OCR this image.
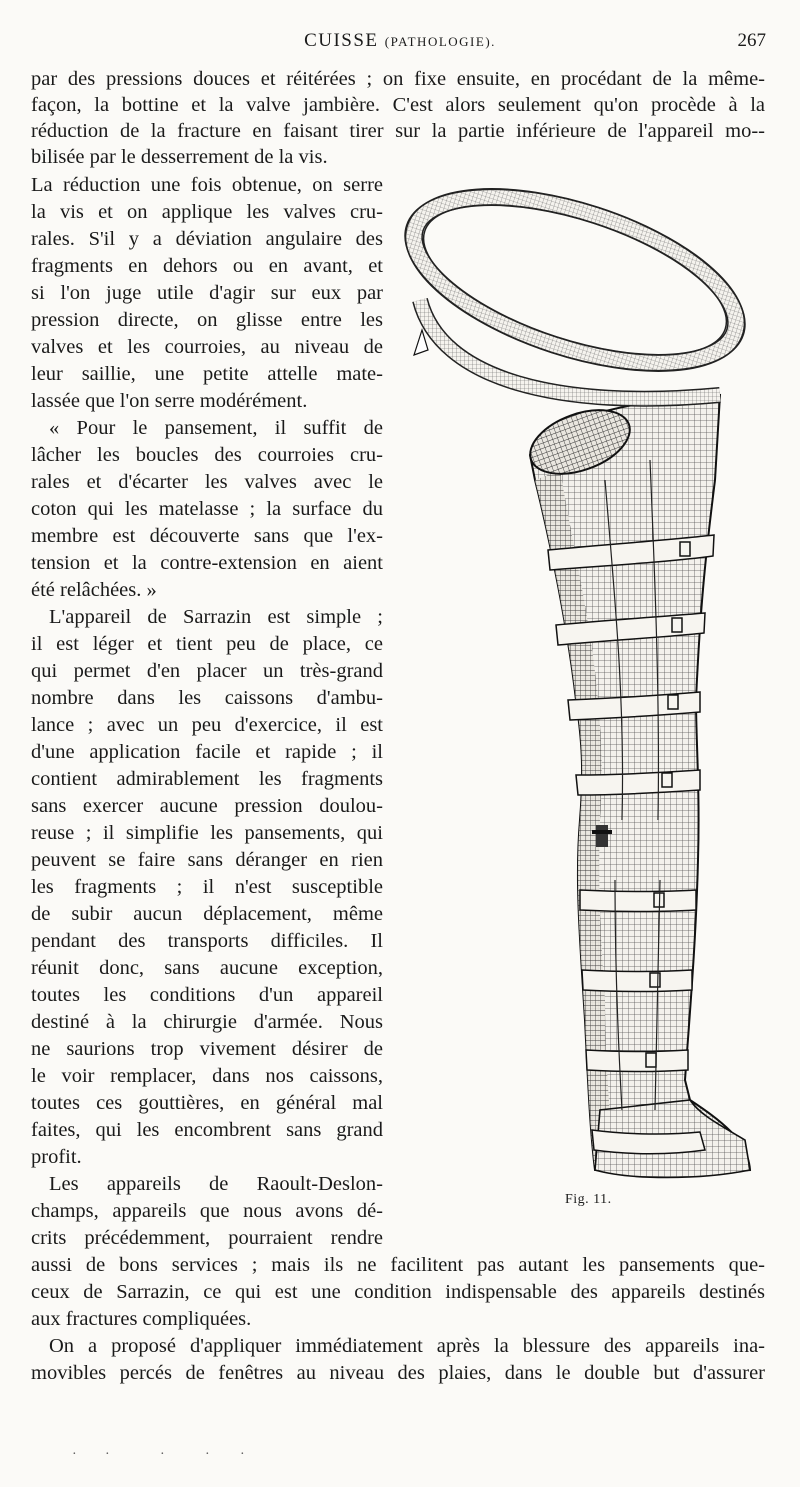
CUISSE (PATHOLOGIE).	267
par des pressions douces et réitérées ; on fixe ensuite, en procédant de la même-
façon, la bottine et la valve jambière. C'est alors seulement qu'on procède à la
réduction de la fracture en faisant tirer sur la partie inférieure de l'appareil mo--
bilisée par le desserrement de la vis.
La réduction une fois obtenue, on serre
la vis et on applique les valves cru-
rales. S'il y a déviation angulaire des
fragments en dehors ou en avant, et
si l'on juge utile d'agir sur eux par
pression directe, on glisse entre les
valves et les courroies, au niveau de
leur saillie, une petite attelle mate-
lassée que l'on serre modérément.
« Pour le pansement, il suffit de
lâcher les boucles des courroies cru-
rales et d'écarter les valves avec le
coton qui les matelasse ; la surface du
membre est découverte sans que l'ex-
tension et la contre-extension en aient
été relâchées. »
L'appareil de Sarrazin est simple ;
il est léger et tient peu de place, ce
qui permet d'en placer un très-grand
nombre dans les caissons d'ambu-
lance ; avec un peu d'exercice, il est
d'une application facile et rapide ; il
contient admirablement les fragments
sans exercer aucune pression doulou-
reuse ; il simplifie les pansements, qui
peuvent se faire sans déranger en rien
les fragments ; il n'est susceptible
de subir aucun déplacement, même
pendant des transports difficiles. Il
réunit donc, sans aucune exception,
toutes les conditions d'un appareil
destiné à la chirurgie d'armée. Nous
ne saurions trop vivement désirer de
le voir remplacer, dans nos caissons,
toutes ces gouttières, en général mal
faites, qui les encombrent sans grand
profit.
Les appareils de Raoult-Deslon-
champs, appareils que nous avons dé-
crits précédemment, pourraient rendre
aussi de bons services ; mais ils ne facilitent pas autant les pansements que-
ceux de Sarrazin, ce qui est une condition indispensable des appareils destinés
aux fractures compliquées.
On a proposé d'appliquer immédiatement après la blessure des appareils ina-
movibles percés de fenêtres au niveau des plaies, dans le double but d'assurer
Fig. 11.
· ·	·	· ·
